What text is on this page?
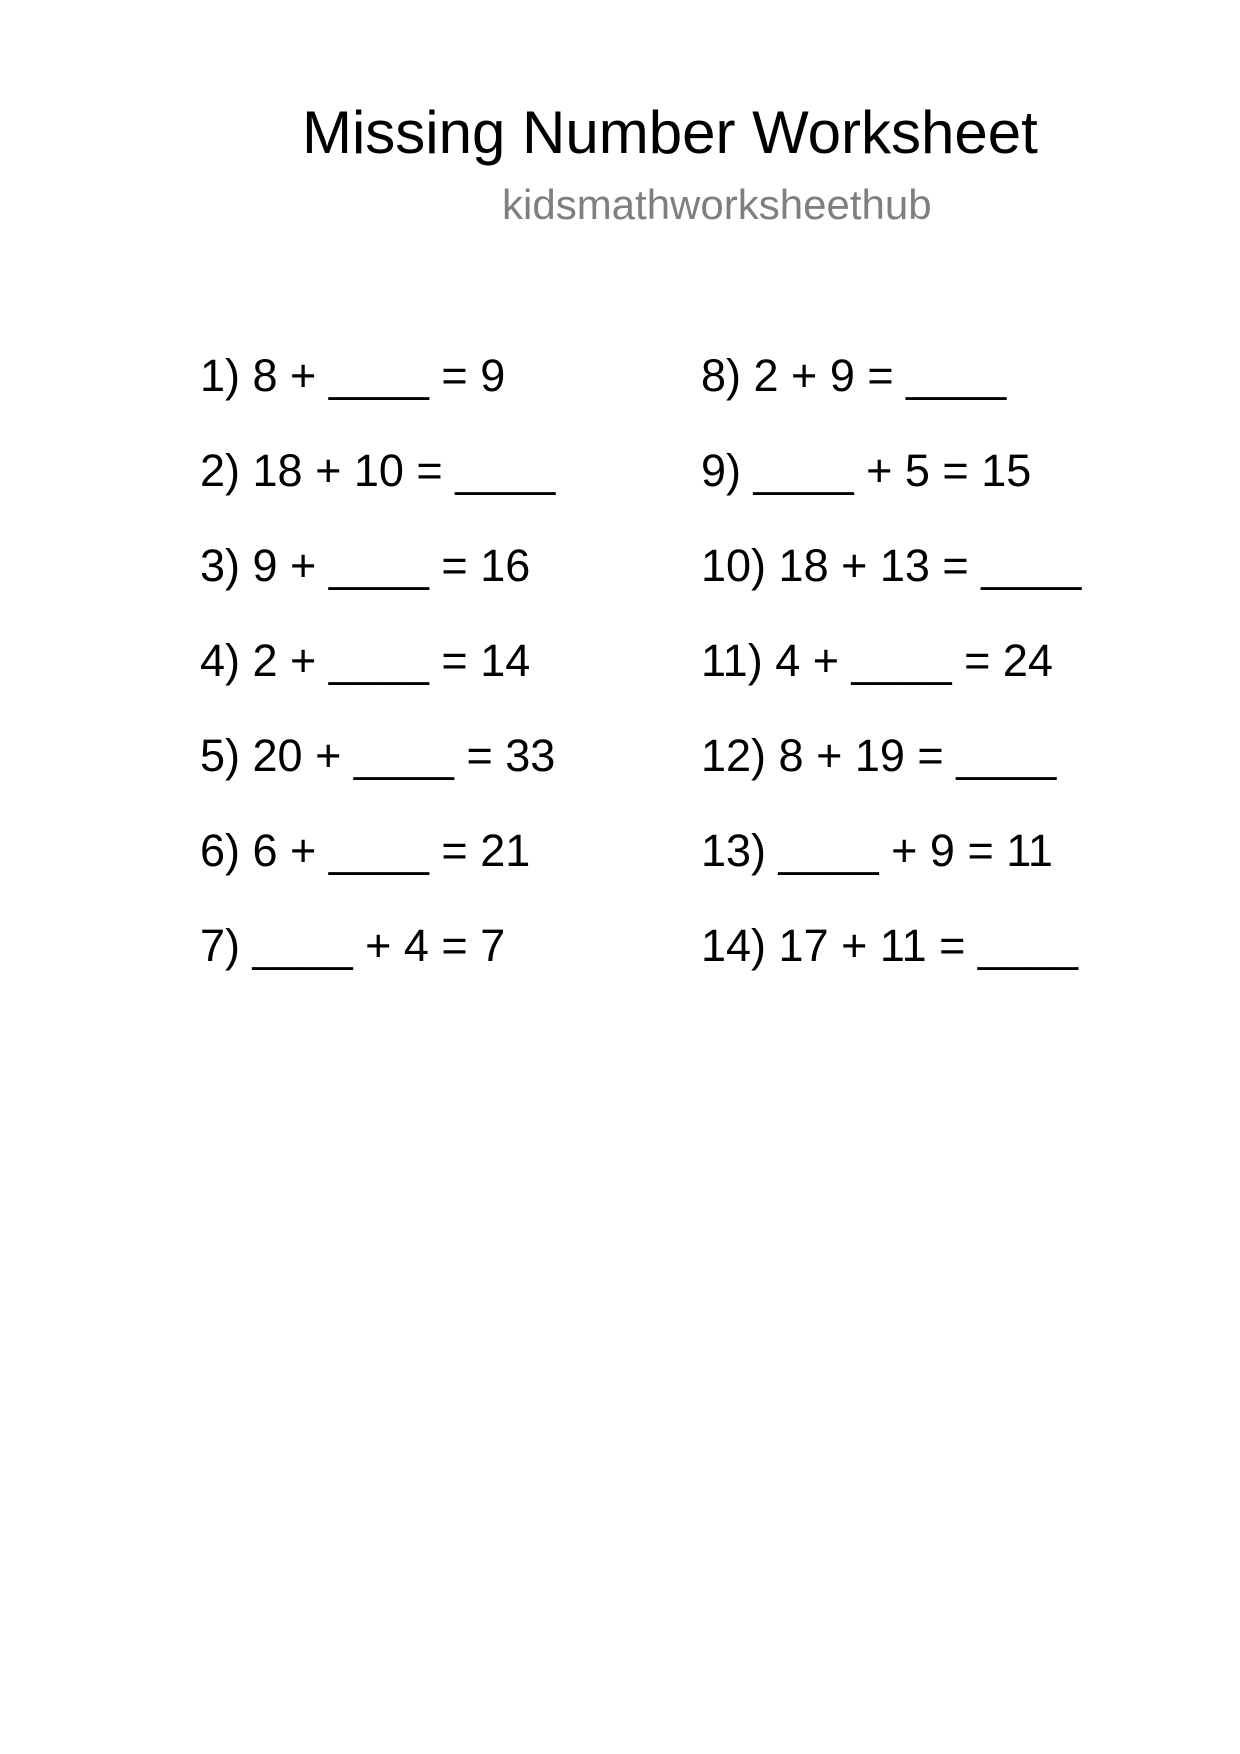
Missing Number Worksheet
kidsmathworksheethub
1) 8 + ____ = 9
2) 18 + 10 = ____
3) 9 + ____ = 16
4) 2 + ____ = 14
5) 20 + ____ = 33
6) 6 + ____ = 21
7) ____ + 4 = 7
8) 2 + 9 = ____
9) ____ + 5 = 15
10) 18 + 13 = ____
11) 4 + ____ = 24
12) 8 + 19 = ____
13) ____ + 9 = 11
14) 17 + 11 = ____
